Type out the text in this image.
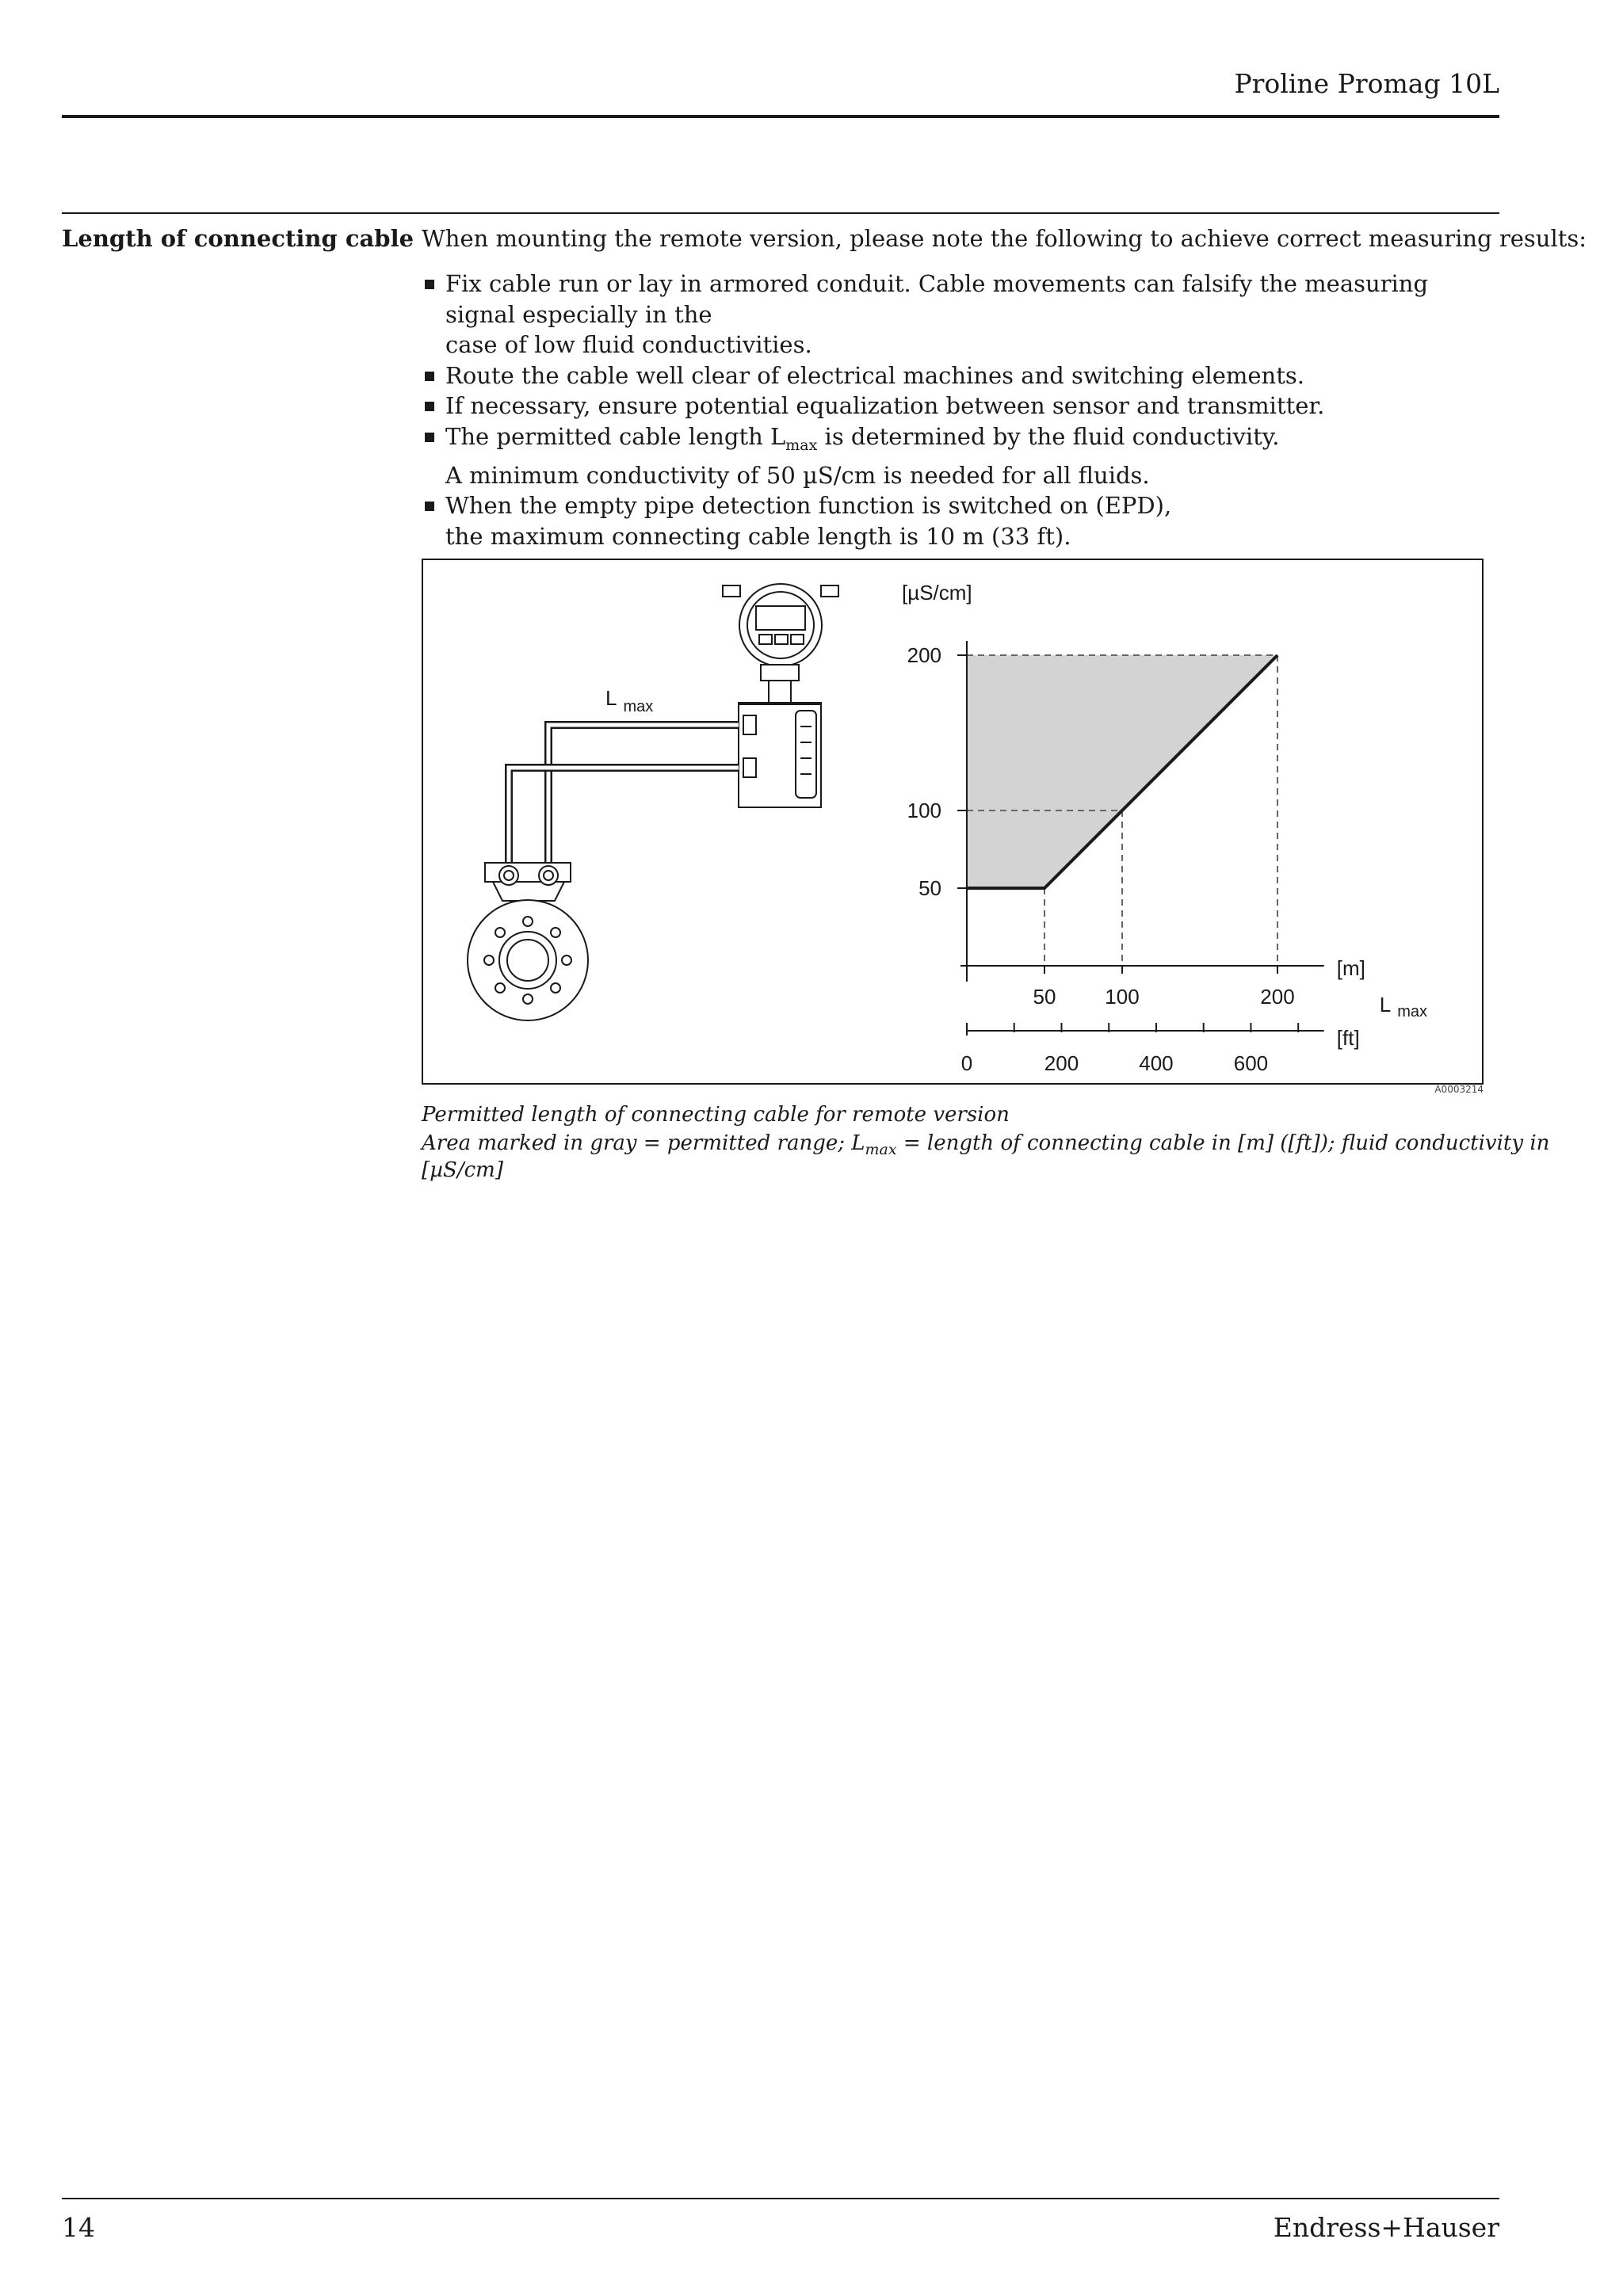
Proline Promag 10L
Length of connecting cable When mounting the remote version, please note the following to achieve correct measuring results:
Fix cable run or lay in armored conduit. Cable movements can falsify the measuring signal especially in the
case of low fluid conductivities.
Route the cable well clear of electrical machines and switching elements.
If necessary, ensure potential equalization between sensor and transmitter.
The permitted cable length $L_{max}$ is determined by the fluid conductivity.
A minimum conductivity of 50 µS/cm is needed for all fluids.
When the empty pipe detection function is switched on (EPD),
the maximum connecting cable length is 10 m (33 ft).
L $_{max}$
50
100
200
[µS/cm]
50 100	200
[m]
0	200	400	600
[ft]
L $_{max}$
A0003214
Permitted length of connecting cable for remote version
Area marked in gray = permitted range; $L_{max}$ = length of connecting cable in [m] ([ft]); fluid conductivity in [µS/cm]
14	Endress+Hauser
